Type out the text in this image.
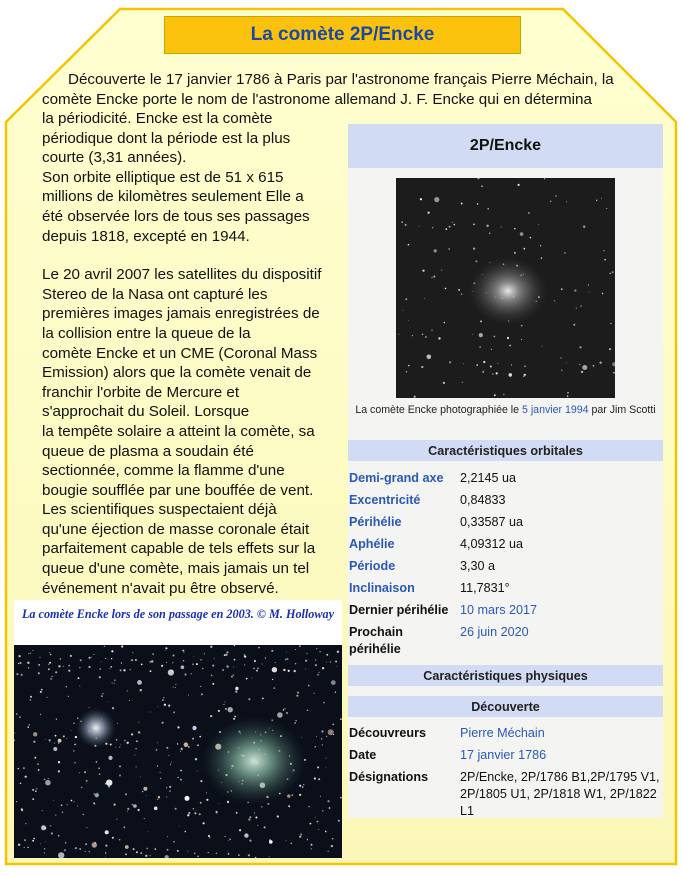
La comète 2P/Encke
Découverte le 17 janvier 1786 à Paris par l'astronome français Pierre Méchain, la comète Encke porte le nom de l'astronome allemand J. F. Encke qui en détermina
la périodicité. Encke est la comète
périodique dont la période est la plus
courte (3,31 années).
Son orbite elliptique est de 51 x 615
millions de kilomètres seulement Elle a
été observée lors de tous ses passages
depuis 1818, excepté en 1944.
Le 20 avril 2007 les satellites du dispositif
Stereo de la Nasa ont capturé les
premières images jamais enregistrées de
la collision entre la queue de la
comète Encke et un CME (Coronal Mass
Emission) alors que la comète venait de
franchir l'orbite de Mercure et
s'approchait du Soleil. Lorsque
la tempête solaire a atteint la comète, sa
queue de plasma a soudain été
sectionnée, comme la flamme d'une
bougie soufflée par une bouffée de vent.
Les scientifiques suspectaient déjà
qu'une éjection de masse coronale était
parfaitement capable de tels effets sur la
queue d'une comète, mais jamais un tel
événement n'avait pu être observé.
La comète Encke lors de son passage en 2003. © M. Holloway
2P/Encke
La comète Encke photographiée le 5 janvier 1994 par Jim Scotti
Caractéristiques orbitales
Demi-grand axe	2,2145 ua
Excentricité	0,84833
Périhélie	0,33587 ua
Aphélie	4,09312 ua
Période	3,30 a
Inclinaison	11,7831°
Dernier périhélie 10 mars 2017
Prochain
périhélie
26 juin 2020
Caractéristiques physiques
Découverte
Découvreurs	Pierre Méchain
Date	17 janvier 1786
Désignations	2P/Encke, 2P/1786 B1,2P/1795 V1,
2P/1805 U1, 2P/1818 W1, 2P/1822
L1
